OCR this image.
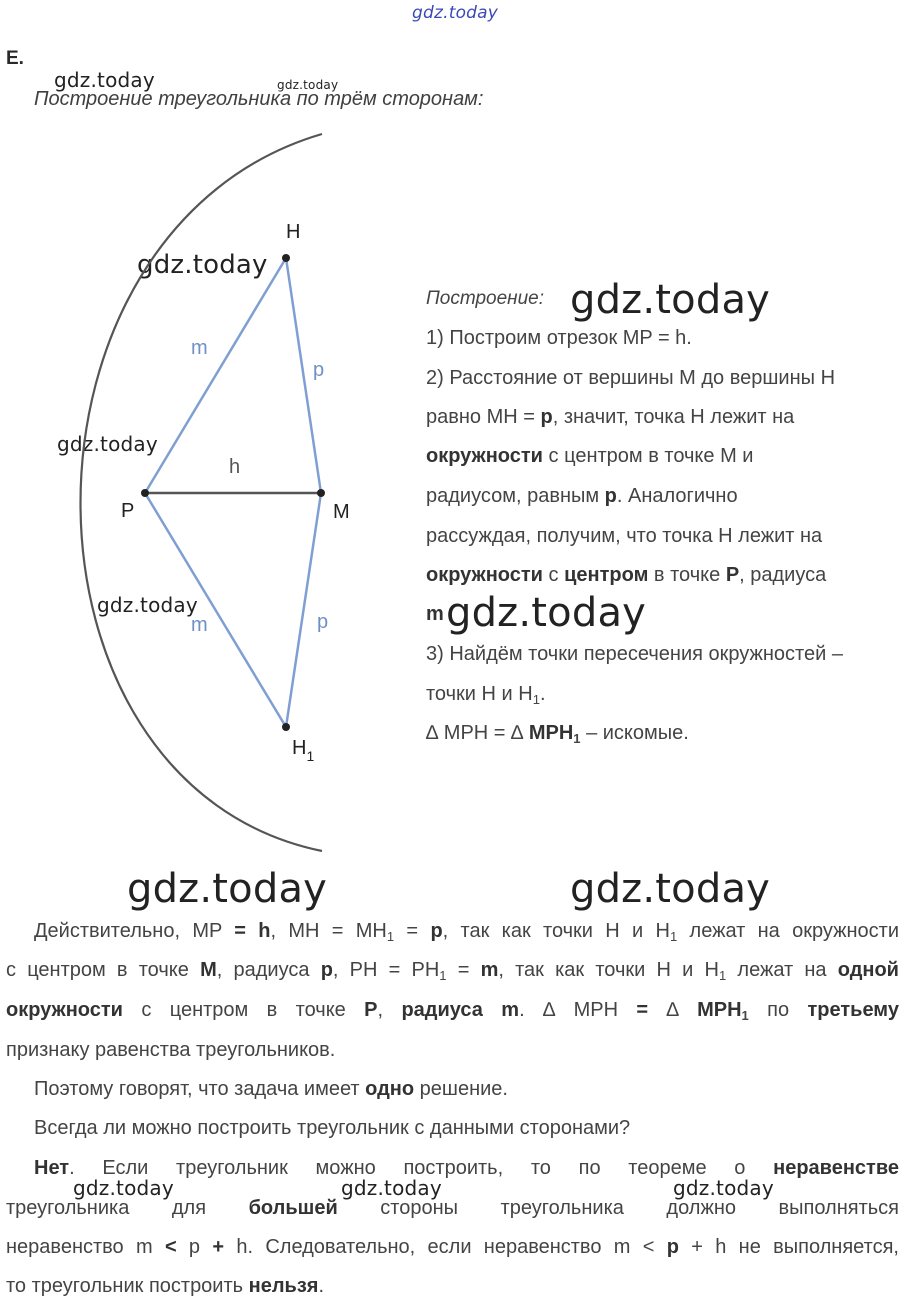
gdz.today
gdz.today	gdz.today
gdz.today
gdz.today
gdz.today
gdz.today
gdz.today
gdz.today	gdz.today
gdz.today	gdz.today	gdz.today
Е.
Построение треугольника по трём сторонам:
H
P	M
$H_1$
m
p
h
m	p
Построение:
1) Построим отрезок MP = h.
2) Расстояние от вершины M до вершины H
равно MH = p, значит, точка H лежит на
окружности с центром в точке M и
радиусом, равным p. Аналогично
рассуждая, получим, что точка H лежит на
окружности с центром в точке P, радиуса
m
3) Найдём точки пересечения окружностей –
точки H и $H_1$.
∆ MPH = ∆ $MPH_1$ – искомые.
Действительно, MP = h, MH = $MH_1 = p$, так как точки H и $H_1$ лежат на окружности
с центром в точке M, радиуса p, PH = $PH_1 = m$, так как точки H и $H_1$ лежат на одной
окружности с центром в точке P, радиуса m. ∆ MPH = ∆ $MPH_1$ по третьему
признаку равенства треугольников.
Поэтому говорят, что задача имеет одно решение.
Всегда ли можно построить треугольник с данными сторонами?
Нет. Если треугольник можно построить, то по теореме о неравенстве
треугольника для большей стороны треугольника должно выполняться
неравенство m < p + h. Следовательно, если неравенство m < p + h не выполняется,
то треугольник построить нельзя.
